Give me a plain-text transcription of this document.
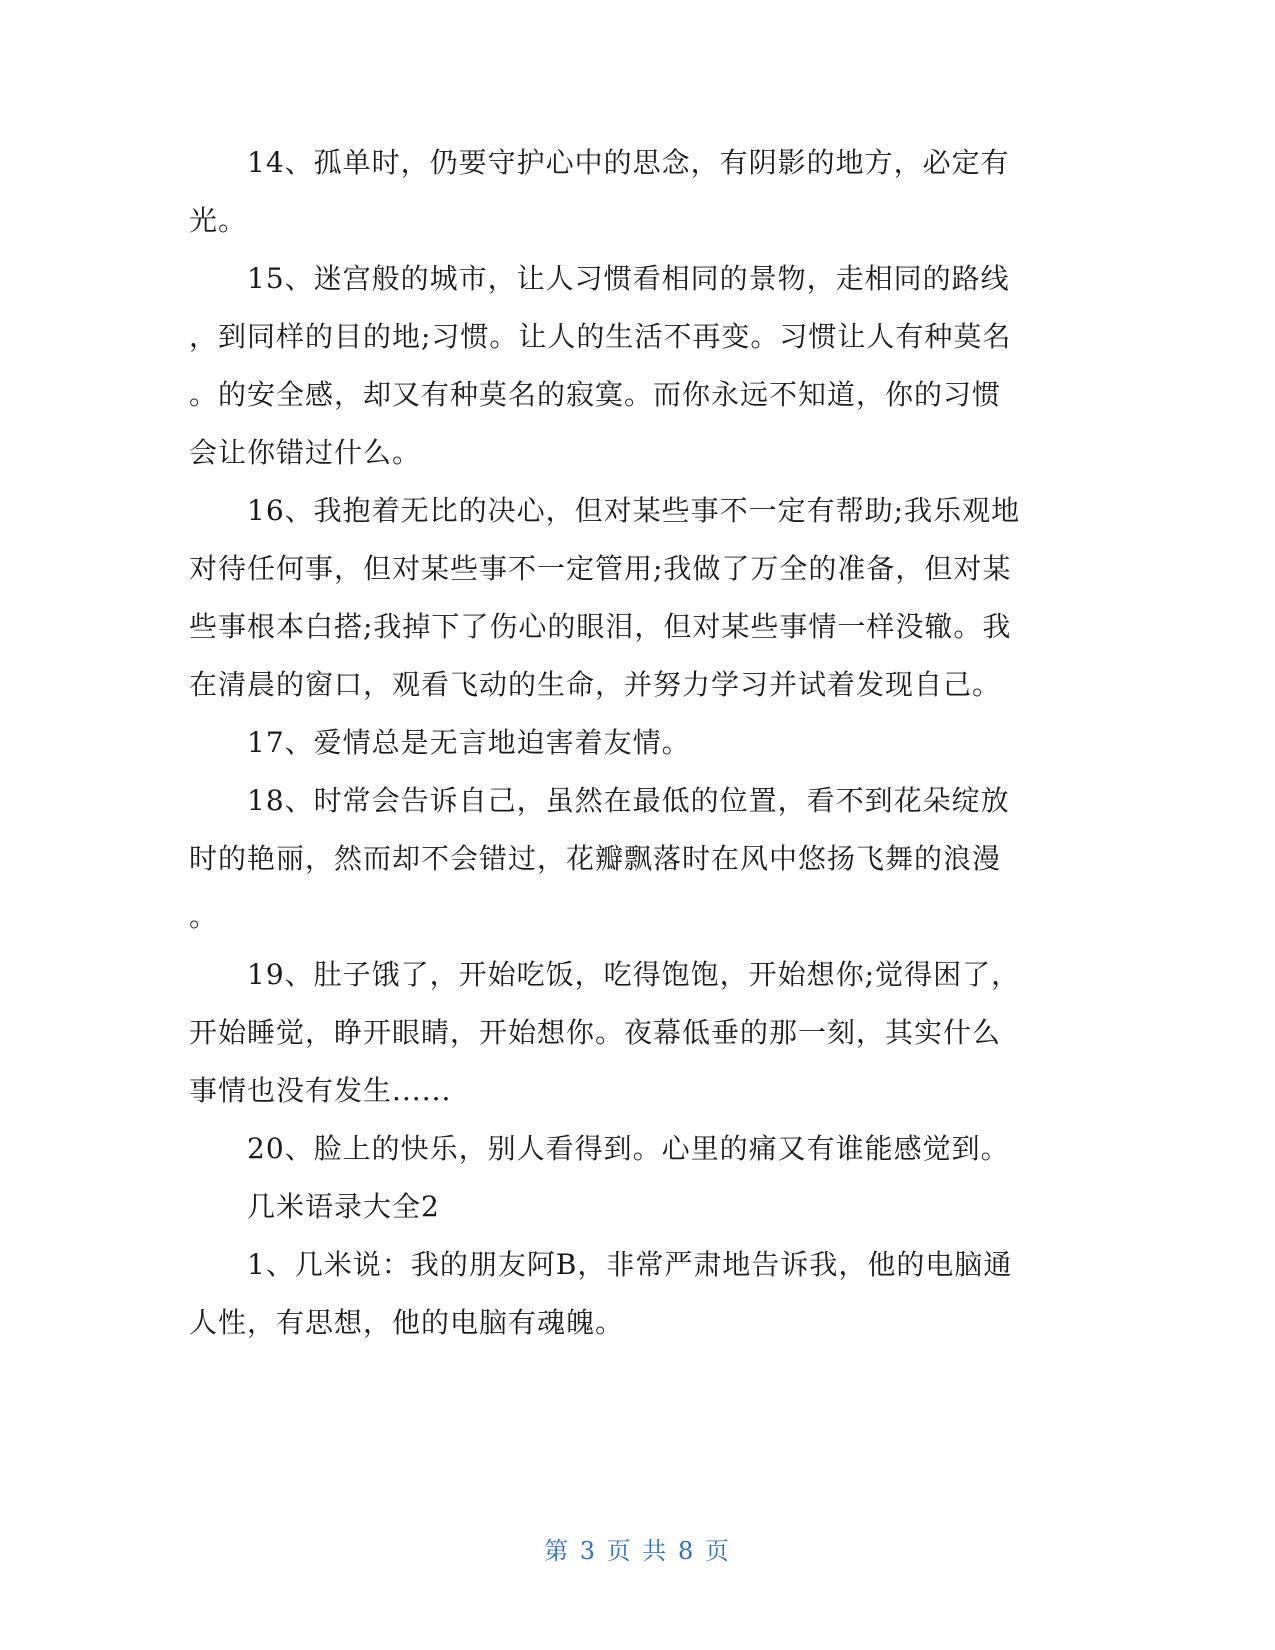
14、孤单时，仍要守护心中的思念，有阴影的地方，必定有
光。
15、迷宫般的城市，让人习惯看相同的景物，走相同的路线
，到同样的目的地;习惯。让人的生活不再变。习惯让人有种莫名
。的安全感，却又有种莫名的寂寞。而你永远不知道，你的习惯
会让你错过什么。
16、我抱着无比的决心，但对某些事不一定有帮助;我乐观地
对待任何事，但对某些事不一定管用;我做了万全的准备，但对某
些事根本白搭;我掉下了伤心的眼泪，但对某些事情一样没辙。我
在清晨的窗口，观看飞动的生命，并努力学习并试着发现自己。
17、爱情总是无言地迫害着友情。
18、时常会告诉自己，虽然在最低的位置，看不到花朵绽放
时的艳丽，然而却不会错过，花瓣飘落时在风中悠扬飞舞的浪漫
。
19、肚子饿了，开始吃饭，吃得饱饱，开始想你;觉得困了，
开始睡觉，睁开眼睛，开始想你。夜幕低垂的那一刻，其实什么
事情也没有发生......
20、脸上的快乐，别人看得到。心里的痛又有谁能感觉到。
几米语录大全2
1、几米说：我的朋友阿B，非常严肃地告诉我，他的电脑通
人性，有思想，他的电脑有魂魄。
第 3 页 共 8 页
